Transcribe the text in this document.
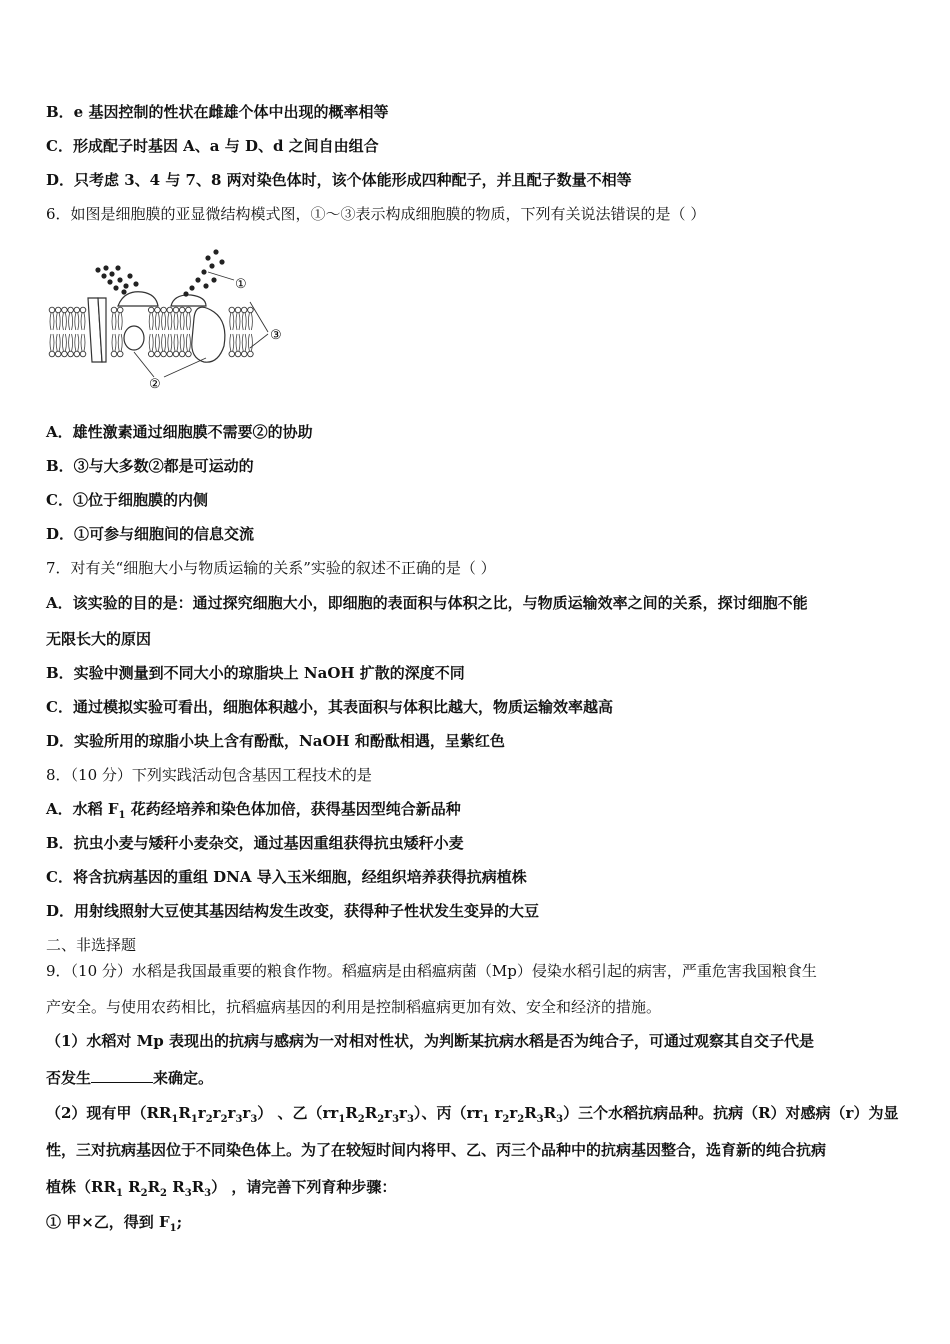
B．e 基因控制的性状在雌雄个体中出现的概率相等
C．形成配子时基因 A、a 与 D、d 之间自由组合
D．只考虑 3、4 与 7、8 两对染色体时，该个体能形成四种配子，并且配子数量不相等
6．如图是细胞膜的亚显微结构模式图，①～③表示构成细胞膜的物质，下列有关说法错误的是（ ）
①
②
③
A．雄性激素通过细胞膜不需要②的协助
B．③与大多数②都是可运动的
C．①位于细胞膜的内侧
D．①可参与细胞间的信息交流
7．对有关“细胞大小与物质运输的关系”实验的叙述不正确的是（ ）
A．该实验的目的是：通过探究细胞大小，即细胞的表面积与体积之比，与物质运输效率之间的关系，探讨细胞不能
无限长大的原因
B．实验中测量到不同大小的琼脂块上 NaOH 扩散的深度不同
C．通过模拟实验可看出，细胞体积越小，其表面积与体积比越大，物质运输效率越高
D．实验所用的琼脂小块上含有酚酞，NaOH 和酚酞相遇，呈紫红色
8．（10 分）下列实践活动包含基因工程技术的是
A．水稻 $F_1$ 花药经培养和染色体加倍，获得基因型纯合新品种
B．抗虫小麦与矮秆小麦杂交，通过基因重组获得抗虫矮秆小麦
C．将含抗病基因的重组 DNA 导入玉米细胞，经组织培养获得抗病植株
D．用射线照射大豆使其基因结构发生改变，获得种子性状发生变异的大豆
二、非选择题
9．（10 分）水稻是我国最重要的粮食作物。稻瘟病是由稻瘟病菌（Mp）侵染水稻引起的病害，严重危害我国粮食生
产安全。与使用农药相比，抗稻瘟病基因的利用是控制稻瘟病更加有效、安全和经济的措施。
（1）水稻对 Mp 表现出的抗病与感病为一对相对性状，为判断某抗病水稻是否为纯合子，可通过观察其自交子代是
否发生	来确定。
（2）现有甲$(RR_1R_1r_2r_2r_3r_3)$ 、乙$(rr_1R_2R_2r_3r_3)$、丙（$rr_1$ $r_2r_2R_3R_3$）三个水稻抗病品种。抗病（R）对感病（r）为显
性，三对抗病基因位于不同染色体上。为了在较短时间内将甲、乙、丙三个品种中的抗病基因整合，选育新的纯合抗病
植株（$RR_1$ $R_2R_2$ $R_3R_3$） ，请完善下列育种步骤：
① 甲×乙，得到 $F_1$;
